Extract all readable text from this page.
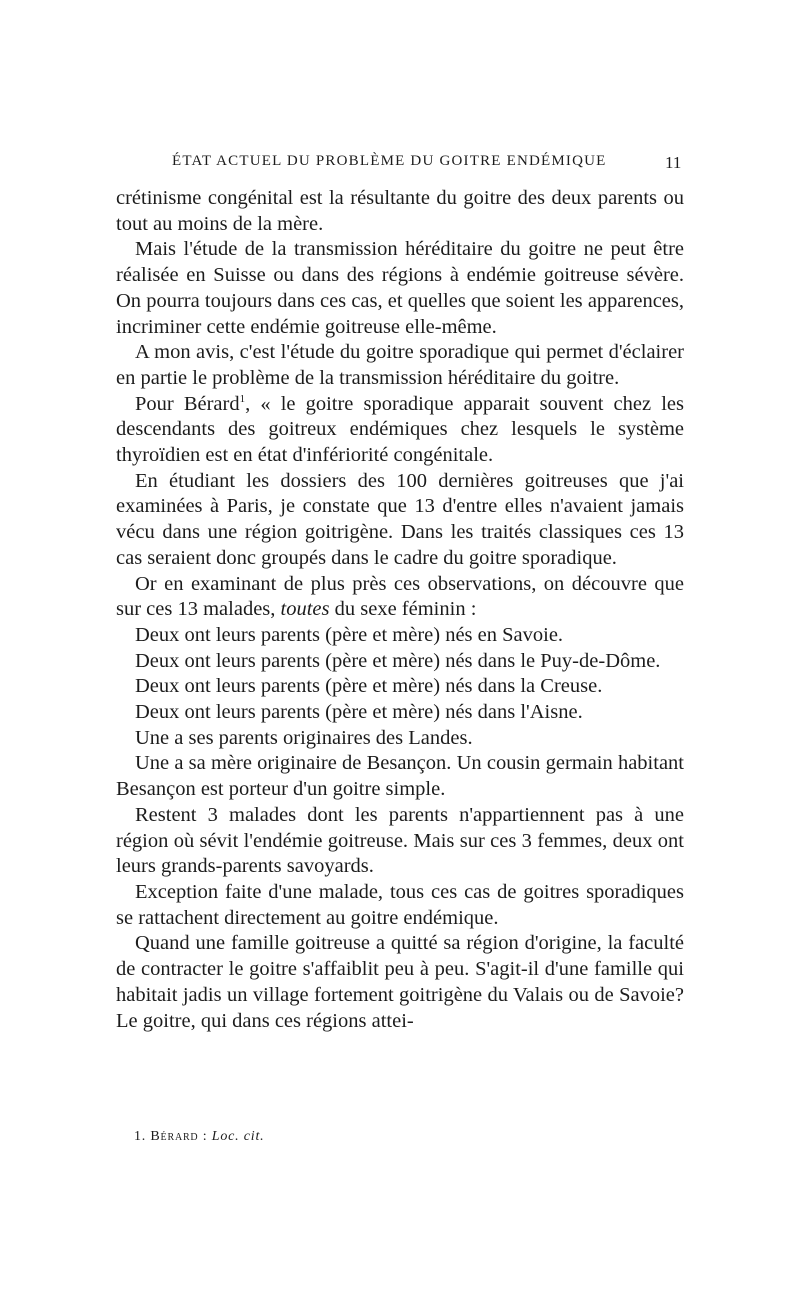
ÉTAT ACTUEL DU PROBLÈME DU GOITRE ENDÉMIQUE	11

crétinisme congénital est la résultante du goitre des deux parents ou tout au moins de la mère.

Mais l'étude de la transmission héréditaire du goitre ne peut être réalisée en Suisse ou dans des régions à endémie goitreuse sévère. On pourra toujours dans ces cas, et quelles que soient les apparences, incriminer cette endémie goitreuse elle-même.

A mon avis, c'est l'étude du goitre sporadique qui permet d'éclairer en partie le problème de la transmission héréditaire du goitre.

Pour Bérard$^1$, « le goitre sporadique apparait souvent chez les descendants des goitreux endémiques chez lesquels le système thyroïdien est en état d'infériorité congénitale.

En étudiant les dossiers des 100 dernières goitreuses que j'ai examinées à Paris, je constate que 13 d'entre elles n'avaient jamais vécu dans une région goitrigène. Dans les traités classiques ces 13 cas seraient donc groupés dans le cadre du goitre sporadique.

Or en examinant de plus près ces observations, on découvre que sur ces 13 malades, toutes du sexe féminin :

Deux ont leurs parents (père et mère) nés en Savoie.

Deux ont leurs parents (père et mère) nés dans le Puy-de-Dôme.

Deux ont leurs parents (père et mère) nés dans la Creuse.

Deux ont leurs parents (père et mère) nés dans l'Aisne.

Une a ses parents originaires des Landes.

Une a sa mère originaire de Besançon. Un cousin germain habitant Besançon est porteur d'un goitre simple.

Restent 3 malades dont les parents n'appartiennent pas à une région où sévit l'endémie goitreuse. Mais sur ces 3 femmes, deux ont leurs grands-parents savoyards.

Exception faite d'une malade, tous ces cas de goitres sporadiques se rattachent directement au goitre endémique.

Quand une famille goitreuse a quitté sa région d'origine, la faculté de contracter le goitre s'affaiblit peu à peu. S'agit-il d'une famille qui habitait jadis un village fortement goitrigène du Valais ou de Savoie? Le goitre, qui dans ces régions attei-

1. Bérard : Loc. cit.
